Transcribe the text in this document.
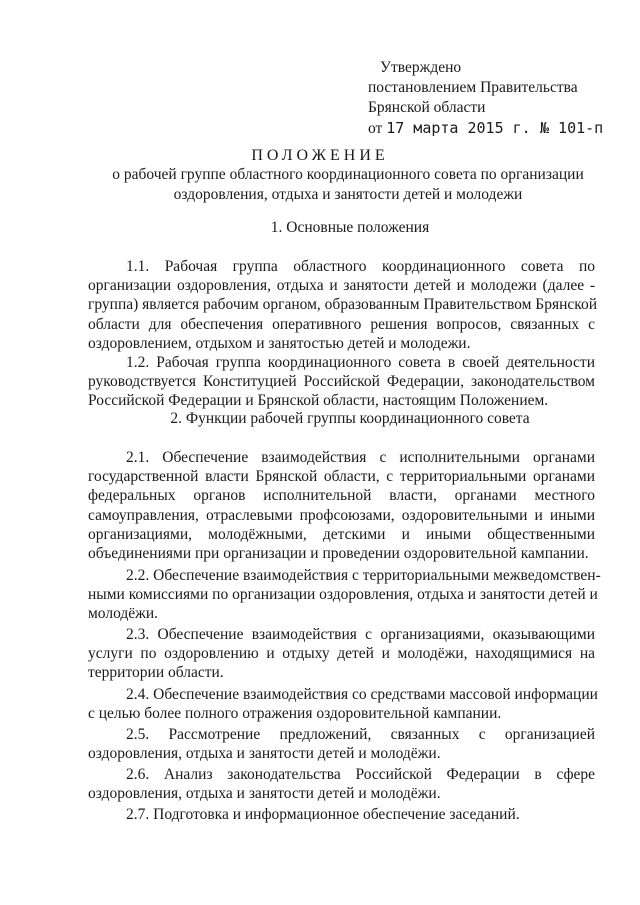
Утверждено
постановлением Правительства
Брянской области
от 17 марта 2015 г. № 101-п
ПОЛОЖЕНИЕ
о рабочей группе областного координационного совета по организации
оздоровления, отдыха и занятости детей и молодежи
1. Основные положения
1.1. Рабочая группа областного координационного совета по
организации оздоровления, отдыха и занятости детей и молодежи (далее -
группа) является рабочим органом, образованным Правительством Брянской
области для обеспечения оперативного решения вопросов, связанных с
оздоровлением, отдыхом и занятостью детей и молодежи.
1.2. Рабочая группа координационного совета в своей деятельности
руководствуется Конституцией Российской Федерации, законодательством
Российской Федерации и Брянской области, настоящим Положением.
2. Функции рабочей группы координационного совета
2.1. Обеспечение взаимодействия с исполнительными органами
государственной власти Брянской области, с территориальными органами
федеральных органов исполнительной власти, органами местного
самоуправления, отраслевыми профсоюзами, оздоровительными и иными
организациями, молодёжными, детскими и иными общественными
объединениями при организации и проведении оздоровительной кампании.
2.2. Обеспечение взаимодействия с территориальными межведомствен-
ными комиссиями по организации оздоровления, отдыха и занятости детей и
молодёжи.
2.3. Обеспечение взаимодействия с организациями, оказывающими
услуги по оздоровлению и отдыху детей и молодёжи, находящимися на
территории области.
2.4. Обеспечение взаимодействия со средствами массовой информации
с целью более полного отражения оздоровительной кампании.
2.5. Рассмотрение предложений, связанных с организацией
оздоровления, отдыха и занятости детей и молодёжи.
2.6. Анализ законодательства Российской Федерации в сфере
оздоровления, отдыха и занятости детей и молодёжи.
2.7. Подготовка и информационное обеспечение заседаний.
